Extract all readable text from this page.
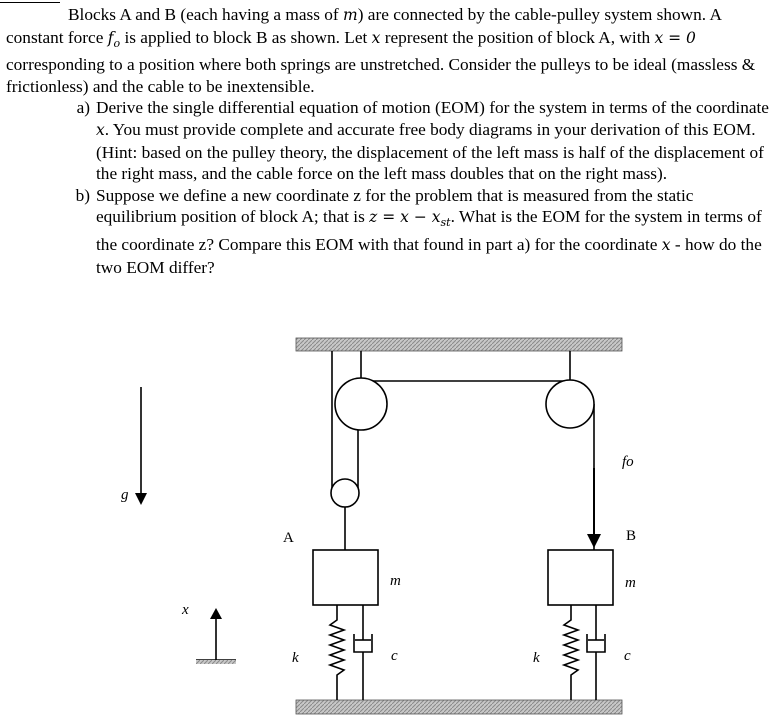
Blocks A and B (each having a mass of m) are connected by the cable-pulley system shown. A constant force $f_o$ is applied to block B as shown. Let x represent the position of block A, with x = 0 corresponding to a position where both springs are unstretched. Consider the pulleys to be ideal (massless & frictionless) and the cable to be inextensible.

a) Derive the single differential equation of motion (EOM) for the system in terms of the coordinate x. You must provide complete and accurate free body diagrams in your derivation of this EOM. (Hint: based on the pulley theory, the displacement of the left mass is half of the displacement of the right mass, and the cable force on the left mass doubles that on the right mass).

b) Suppose we define a new coordinate z for the problem that is measured from the static equilibrium position of block A; that is $z = x - x_{st}$. What is the EOM for the system in terms of the coordinate z? Compare this EOM with that found in part a) for the coordinate x - how do the two EOM differ?

g
x
A	B
m	m
k	k
c	c
fo
